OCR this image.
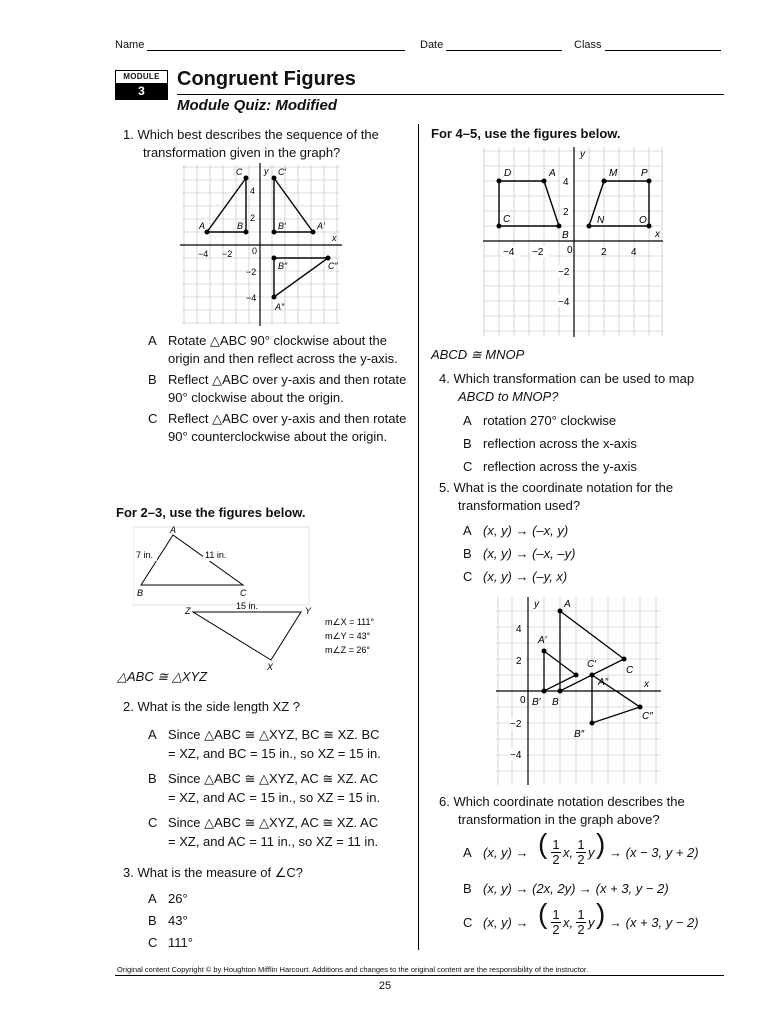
Name	Date	Class
MODULE
3
Congruent Figures
Module Quiz: Modified
1. Which best describes the sequence of the transformation given in the graph?
C	C′
A	B	B′	A′
B″	C″
A″
x
y
4
2
−2
−4
−4 −2 0
A Rotate △ABC 90° clockwise about the origin and then reflect across the y-axis.
B Reflect △ABC over y-axis and then rotate 90° clockwise about the origin.
C Reflect △ABC over y-axis and then rotate 90° counterclockwise about the origin.
For 2–3, use the figures below.
A
B	C
Z	Y
X
7 in.	11 in.
15 in.
m∠X = 111°
m∠Y = 43°
m∠Z = 26°
△ABC ≅ △XYZ
2. What is the side length XZ ?
A Since △ABC ≅ △XYZ, BC ≅ XZ. BC
= XZ, and BC = 15 in., so XZ = 15 in.
B Since △ABC ≅ △XYZ, AC ≅ XZ. AC
= XZ, and AC = 15 in., so XZ = 15 in.
C Since △ABC ≅ △XYZ, AC ≅ XZ. AC
= XZ, and AC = 11 in., so XZ = 11 in.
3. What is the measure of ∠C?
A 26°
B 43°
C 111°
For 4–5, use the figures below.
D	A	M P
C
B
N	O
y
x
4
2
−2
−4
−4 −2 0	2 4
ABCD ≅ MNOP
4. Which transformation can be used to map
ABCD to MNOP?
A rotation 270° clockwise
B reflection across the x-axis
C reflection across the y-axis
5. What is the coordinate notation for the transformation used?
A (x, y) → (–x, y)
B (x, y) → (–x, –y)
C (x, y) → (–y, x)
y	A
A′
C′
C
A″	x
B′ B
C″
B″
0
4
2
−2
−4
6. Which coordinate notation describes the transformation in the graph above?
A (x, y) → ( 1

2 x,
1

2 y ) → (x − 3, y + 2)
B (x, y) → (2x, 2y) → (x + 3, y − 2)
C (x, y) → ( 1

2 x,
1

2 y ) → (x + 3, y − 2)
Original content Copyright © by Houghton Mifflin Harcourt. Additions and changes to the original content are the responsibility of the instructor.
25
